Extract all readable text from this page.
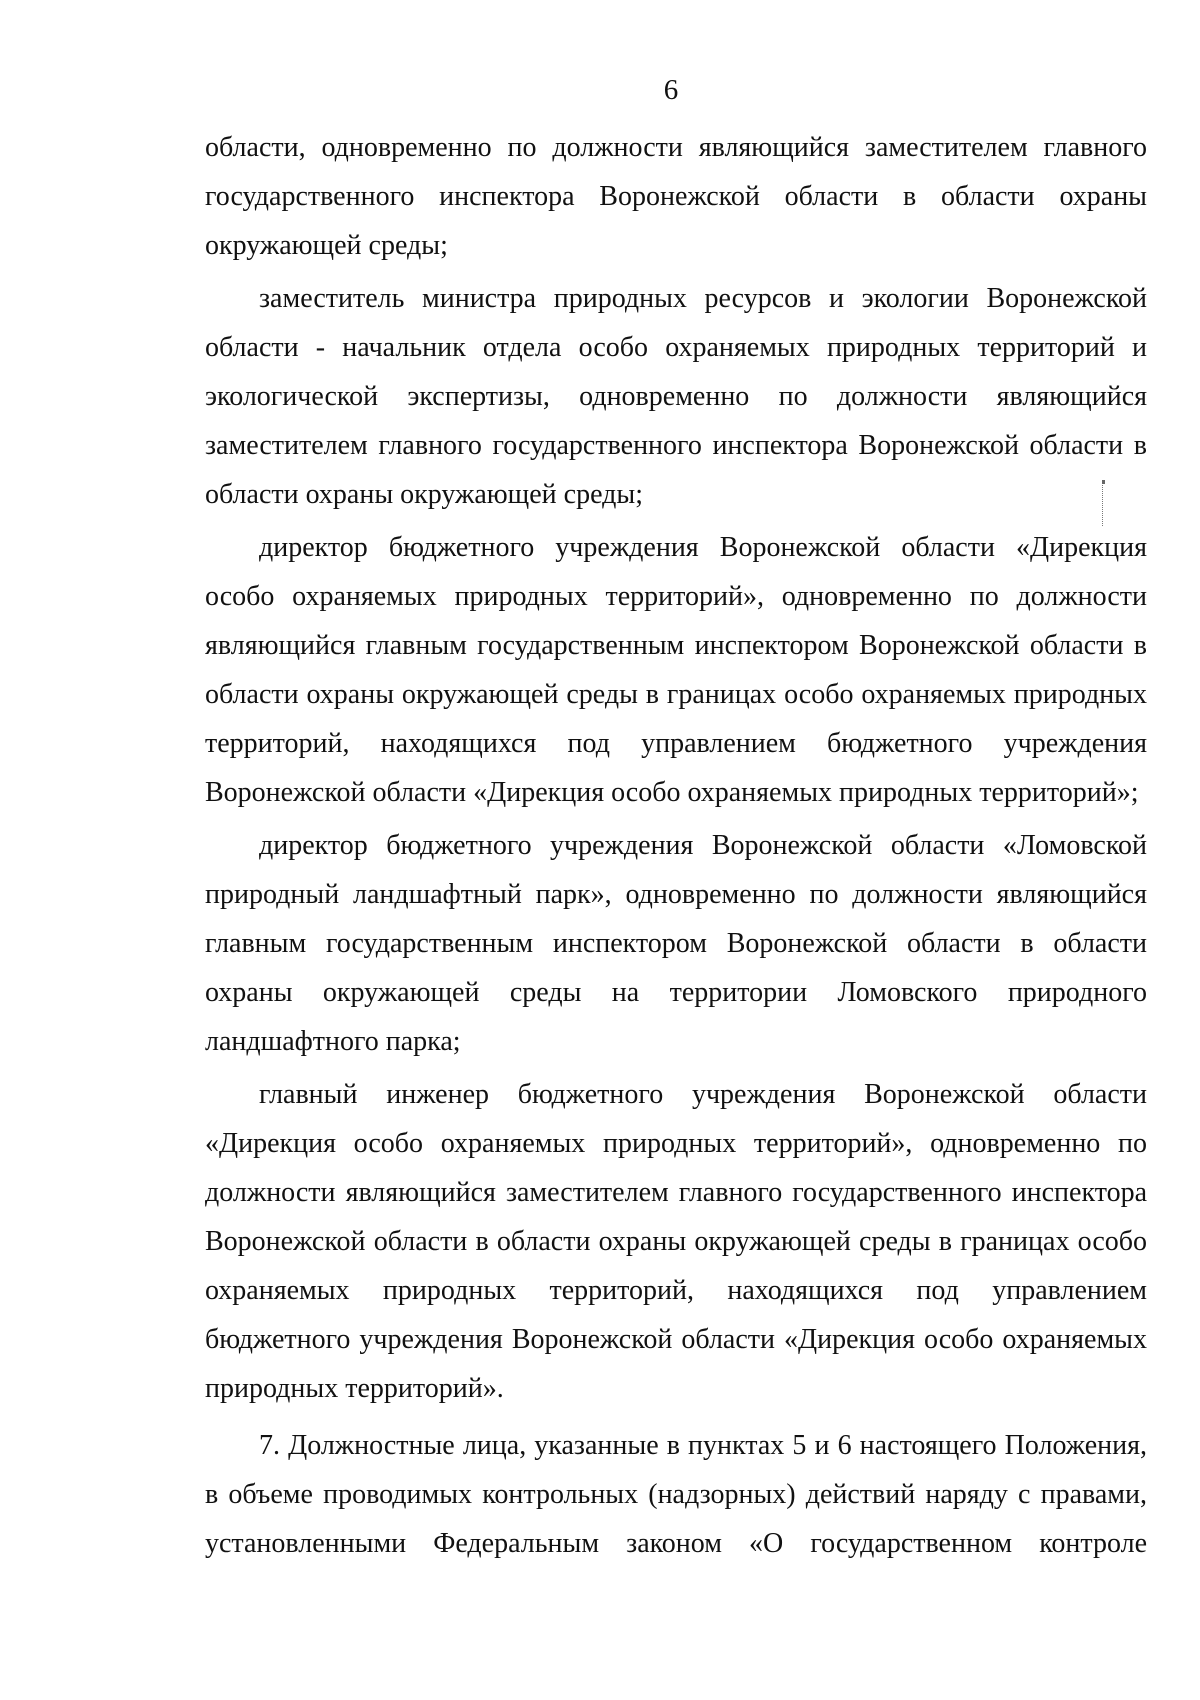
6

области, одновременно по должности являющийся заместителем главного государственного инспектора Воронежской области в области охраны окружающей среды;

заместитель министра природных ресурсов и экологии Воронежской области - начальник отдела особо охраняемых природных территорий и экологической экспертизы, одновременно по должности являющийся заместителем главного государственного инспектора Воронежской области в области охраны окружающей среды;

директор бюджетного учреждения Воронежской области «Дирекция особо охраняемых природных территорий», одновременно по должности являющийся главным государственным инспектором Воронежской области в области охраны окружающей среды в границах особо охраняемых природных территорий, находящихся под управлением бюджетного учреждения Воронежской области «Дирекция особо охраняемых природных территорий»;

директор бюджетного учреждения Воронежской области «Ломовской природный ландшафтный парк», одновременно по должности являющийся главным государственным инспектором Воронежской области в области охраны окружающей среды на территории Ломовского природного ландшафтного парка;

главный инженер бюджетного учреждения Воронежской области «Дирекция особо охраняемых природных территорий», одновременно по должности являющийся заместителем главного государственного инспектора Воронежской области в области охраны окружающей среды в границах особо охраняемых природных территорий, находящихся под управлением бюджетного учреждения Воронежской области «Дирекция особо охраняемых природных территорий».

7. Должностные лица, указанные в пунктах 5 и 6 настоящего Положения, в объеме проводимых контрольных (надзорных) действий наряду с правами, установленными Федеральным законом «О государственном контроле
